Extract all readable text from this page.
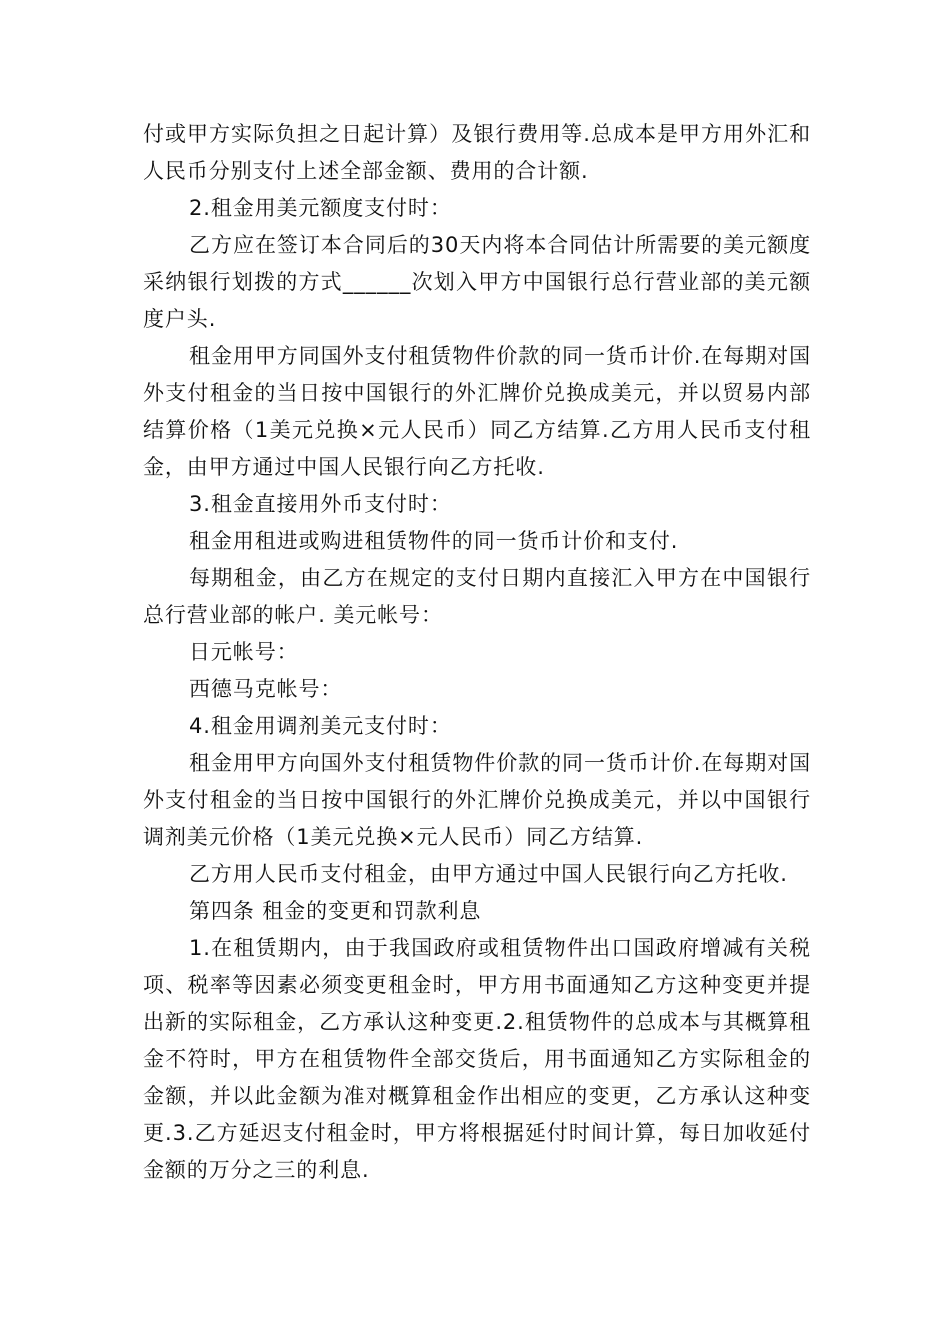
付或甲方实际负担之日起计算）及银行费用等.总成本是甲方用外汇和人民币分别支付上述全部金额、费用的合计额.

2.租金用美元额度支付时：

乙方应在签订本合同后的30天内将本合同估计所需要的美元额度采纳银行划拨的方式______次划入甲方中国银行总行营业部的美元额度户头.

租金用甲方同国外支付租赁物件价款的同一货币计价.在每期对国外支付租金的当日按中国银行的外汇牌价兑换成美元，并以贸易内部结算价格（1美元兑换×元人民币）同乙方结算.乙方用人民币支付租金，由甲方通过中国人民银行向乙方托收.

3.租金直接用外币支付时：

租金用租进或购进租赁物件的同一货币计价和支付.

每期租金，由乙方在规定的支付日期内直接汇入甲方在中国银行总行营业部的帐户. 美元帐号：

日元帐号：

西德马克帐号：

4.租金用调剂美元支付时：

租金用甲方向国外支付租赁物件价款的同一货币计价.在每期对国外支付租金的当日按中国银行的外汇牌价兑换成美元，并以中国银行调剂美元价格（1美元兑换×元人民币）同乙方结算.

乙方用人民币支付租金，由甲方通过中国人民银行向乙方托收.

第四条 租金的变更和罚款利息

1.在租赁期内，由于我国政府或租赁物件出口国政府增减有关税项、税率等因素必须变更租金时，甲方用书面通知乙方这种变更并提出新的实际租金，乙方承认这种变更.2.租赁物件的总成本与其概算租金不符时，甲方在租赁物件全部交货后，用书面通知乙方实际租金的金额，并以此金额为准对概算租金作出相应的变更，乙方承认这种变更.3.乙方延迟支付租金时，甲方将根据延付时间计算，每日加收延付金额的万分之三的利息.
